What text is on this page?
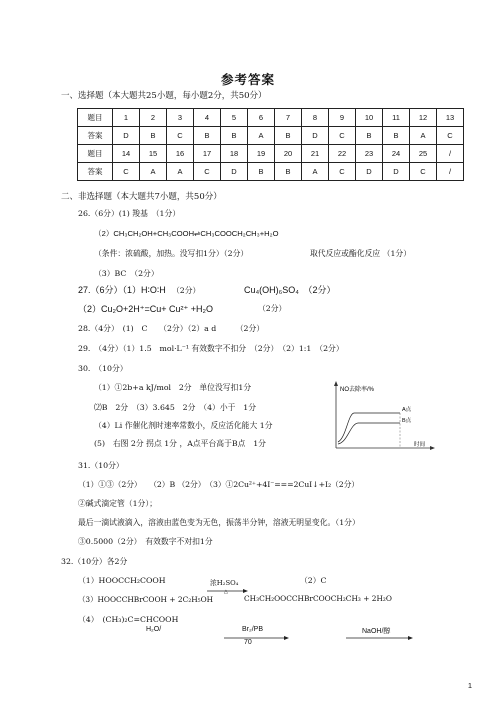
参考答案
一、选择题（本大题共25小题，每小题2分，共50分）
题目	1	2	3	4	5	6	7	8	9	10	11	12	13
答案	D	B	C	B	B	A	B	D	C	B	B	A	C
题目	14	15	16	17	18	19	20	21	22	23	24	25	/
答案	C	A	A	C	D	B	B	A	C	D	D	C	/
二、非选择题（本大题共7小题，共50分）
26.（6分）(1) 羧基　（1分）
（2）CH₃CH₂OH+CH₃COOH⇌CH₃COOCH₂CH₃+H₂O
（条件：浓硫酸，加热。没写扣1分）（2分）	取代反应或酯化反应 （1分）
（3）BC　（2分）
27.（6分）（1）H∶O∶H （2分）	Cu₄(OH)₆SO₄　（2分）
（2）Cu₂O+2H⁺=Cu+ Cu²⁺ +H₂O	（2分）
28.（4分）　(1)　C　　（2分）（2）a d　　　（2分）
29.　（4分）（1）1.5　mol·L⁻¹ 有效数字不扣分　（2分）　（2）1:1　（2分）
30.　（10分）
（1）①2b+a kJ/mol　2分　单位没写扣1分
⑵B　2分　（3）3.645　2分　（4）小于　1分
（4）Li 作催化剂时速率常数小，反应活化能大 1分
(5)　右图 2分 拐点 1分 ，A点平台高于B点　1分
NO去除率/%
时间
A点
B点
31.（10分）
（1）①③（2分）　　（2）B （2分）　（3）①2Cu²⁺+4I⁻===2CuI↓+I₂（2分）
②碱式滴定管（1分）；
最后一滴试液滴入，溶液由蓝色变为无色，振荡半分钟，溶液无明显变化。（1分）
③0.5000（2分）　有效数字不对扣1分
32.（10分）各2分
（1）HOOCCH₂COOH	浓H₂SO₄	（2）C
△
（3）HOOCCHBrCOOH + 2C₂H₅OH	CH₃CH₂OOCCHBrCOOCH₂CH₃ + 2H₂O
（4）　(CH₃)₂C=CHCOOH
H₂O/	Br₂/PB	NaOH/醇
70
1
